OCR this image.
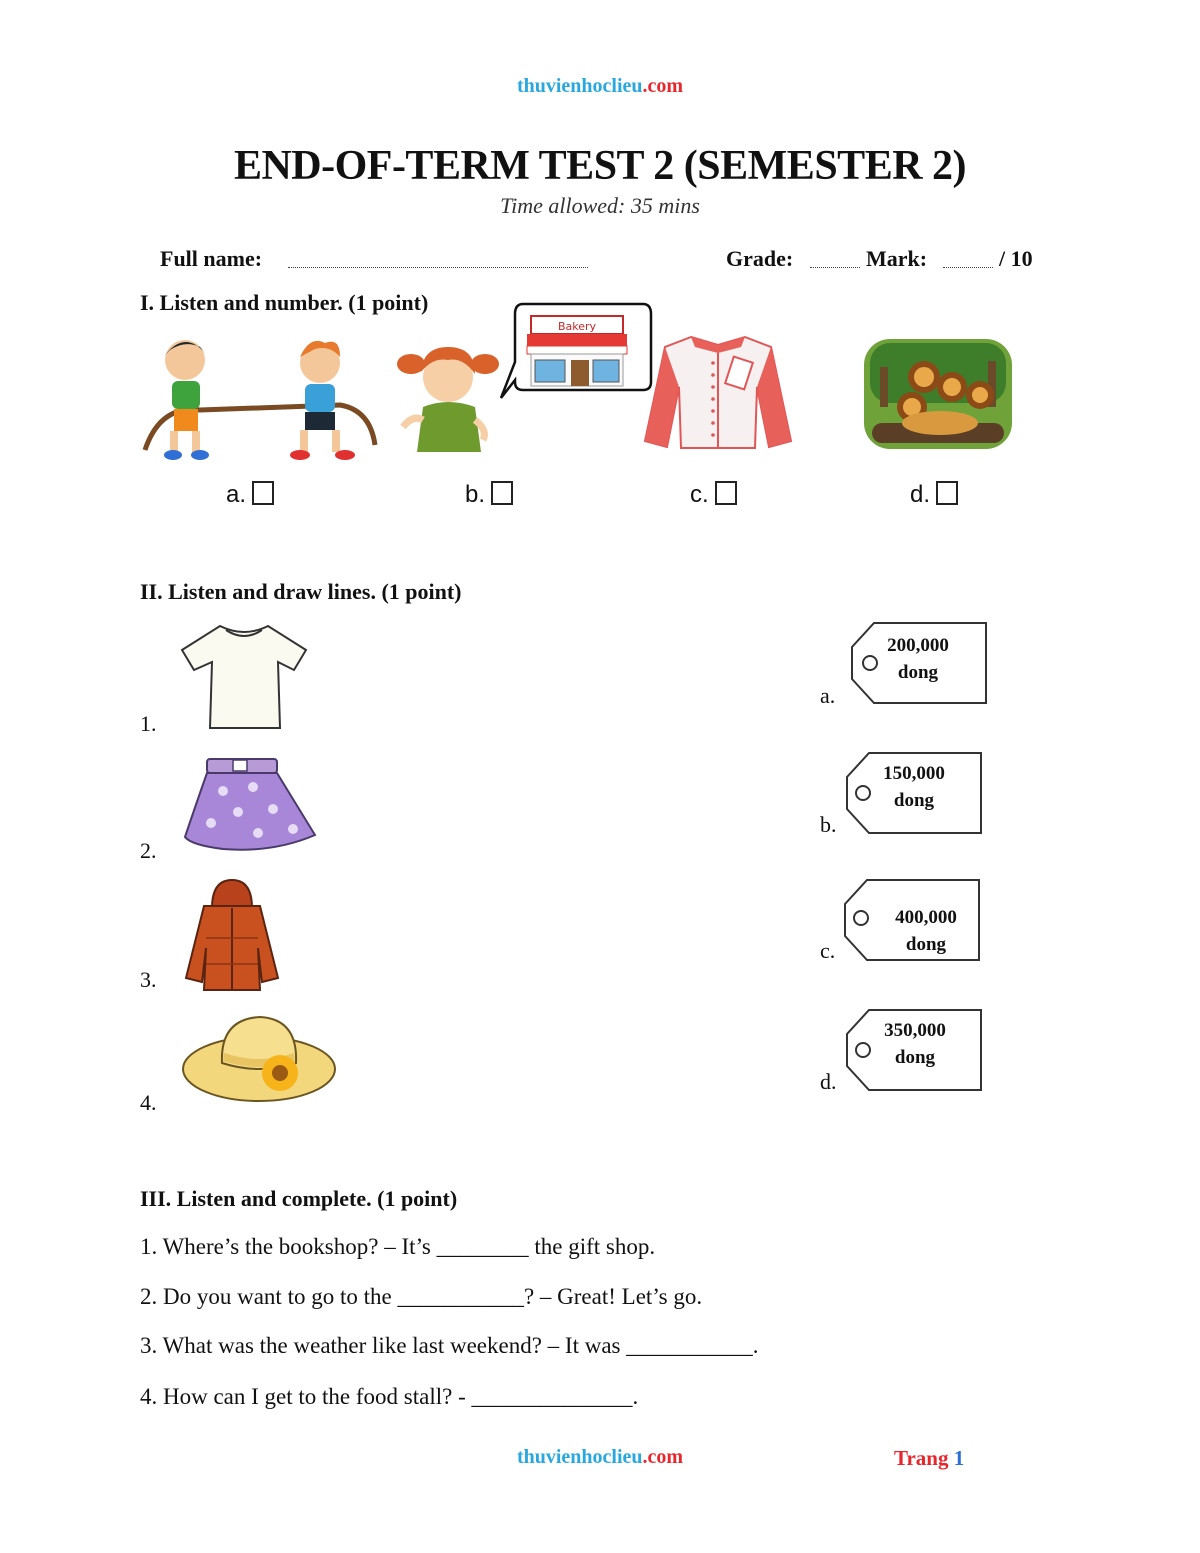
thuvienhoclieu.com
END-OF-TERM TEST 2 (SEMESTER 2)
Time allowed: 35 mins
Full name:	Grade:	Mark:	/ 10
I. Listen and number. (1 point)
a.
Bakery
b.	c.	d.
II. Listen and draw lines. (1 point)
1.
2.
3.
4.
a.
200,000
dong
b.
150,000
dong
c.
400,000
dong
d.
350,000
dong
III. Listen and complete. (1 point)
1. Where’s the bookshop? – It’s ________ the gift shop.
2. Do you want to go to the ___________? – Great! Let’s go.
3. What was the weather like last weekend? – It was ___________.
4. How can I get to the food stall? - ______________.
thuvienhoclieu.com	Trang 1
